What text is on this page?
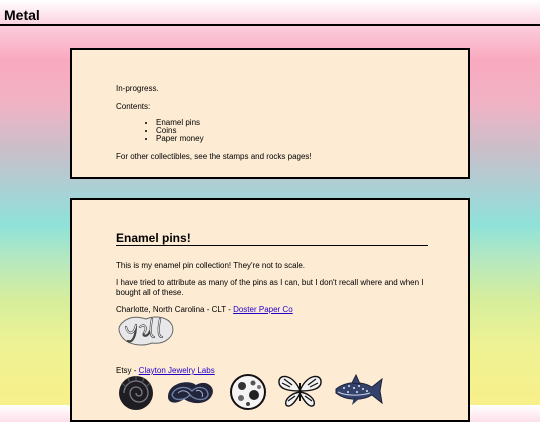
Metal

In-progress.

Contents:

• Enamel pins
• Coins
• Paper money

For other collectibles, see the stamps and rocks pages!

Enamel pins!

This is my enamel pin collection! They're not to scale.

I have tried to attribute as many of the pins as I can, but I don't recall where and when I bought all of these.

Charlotte, North Carolina - CLT - Doster Paper Co

Etsy - Clayton Jewelry Labs
